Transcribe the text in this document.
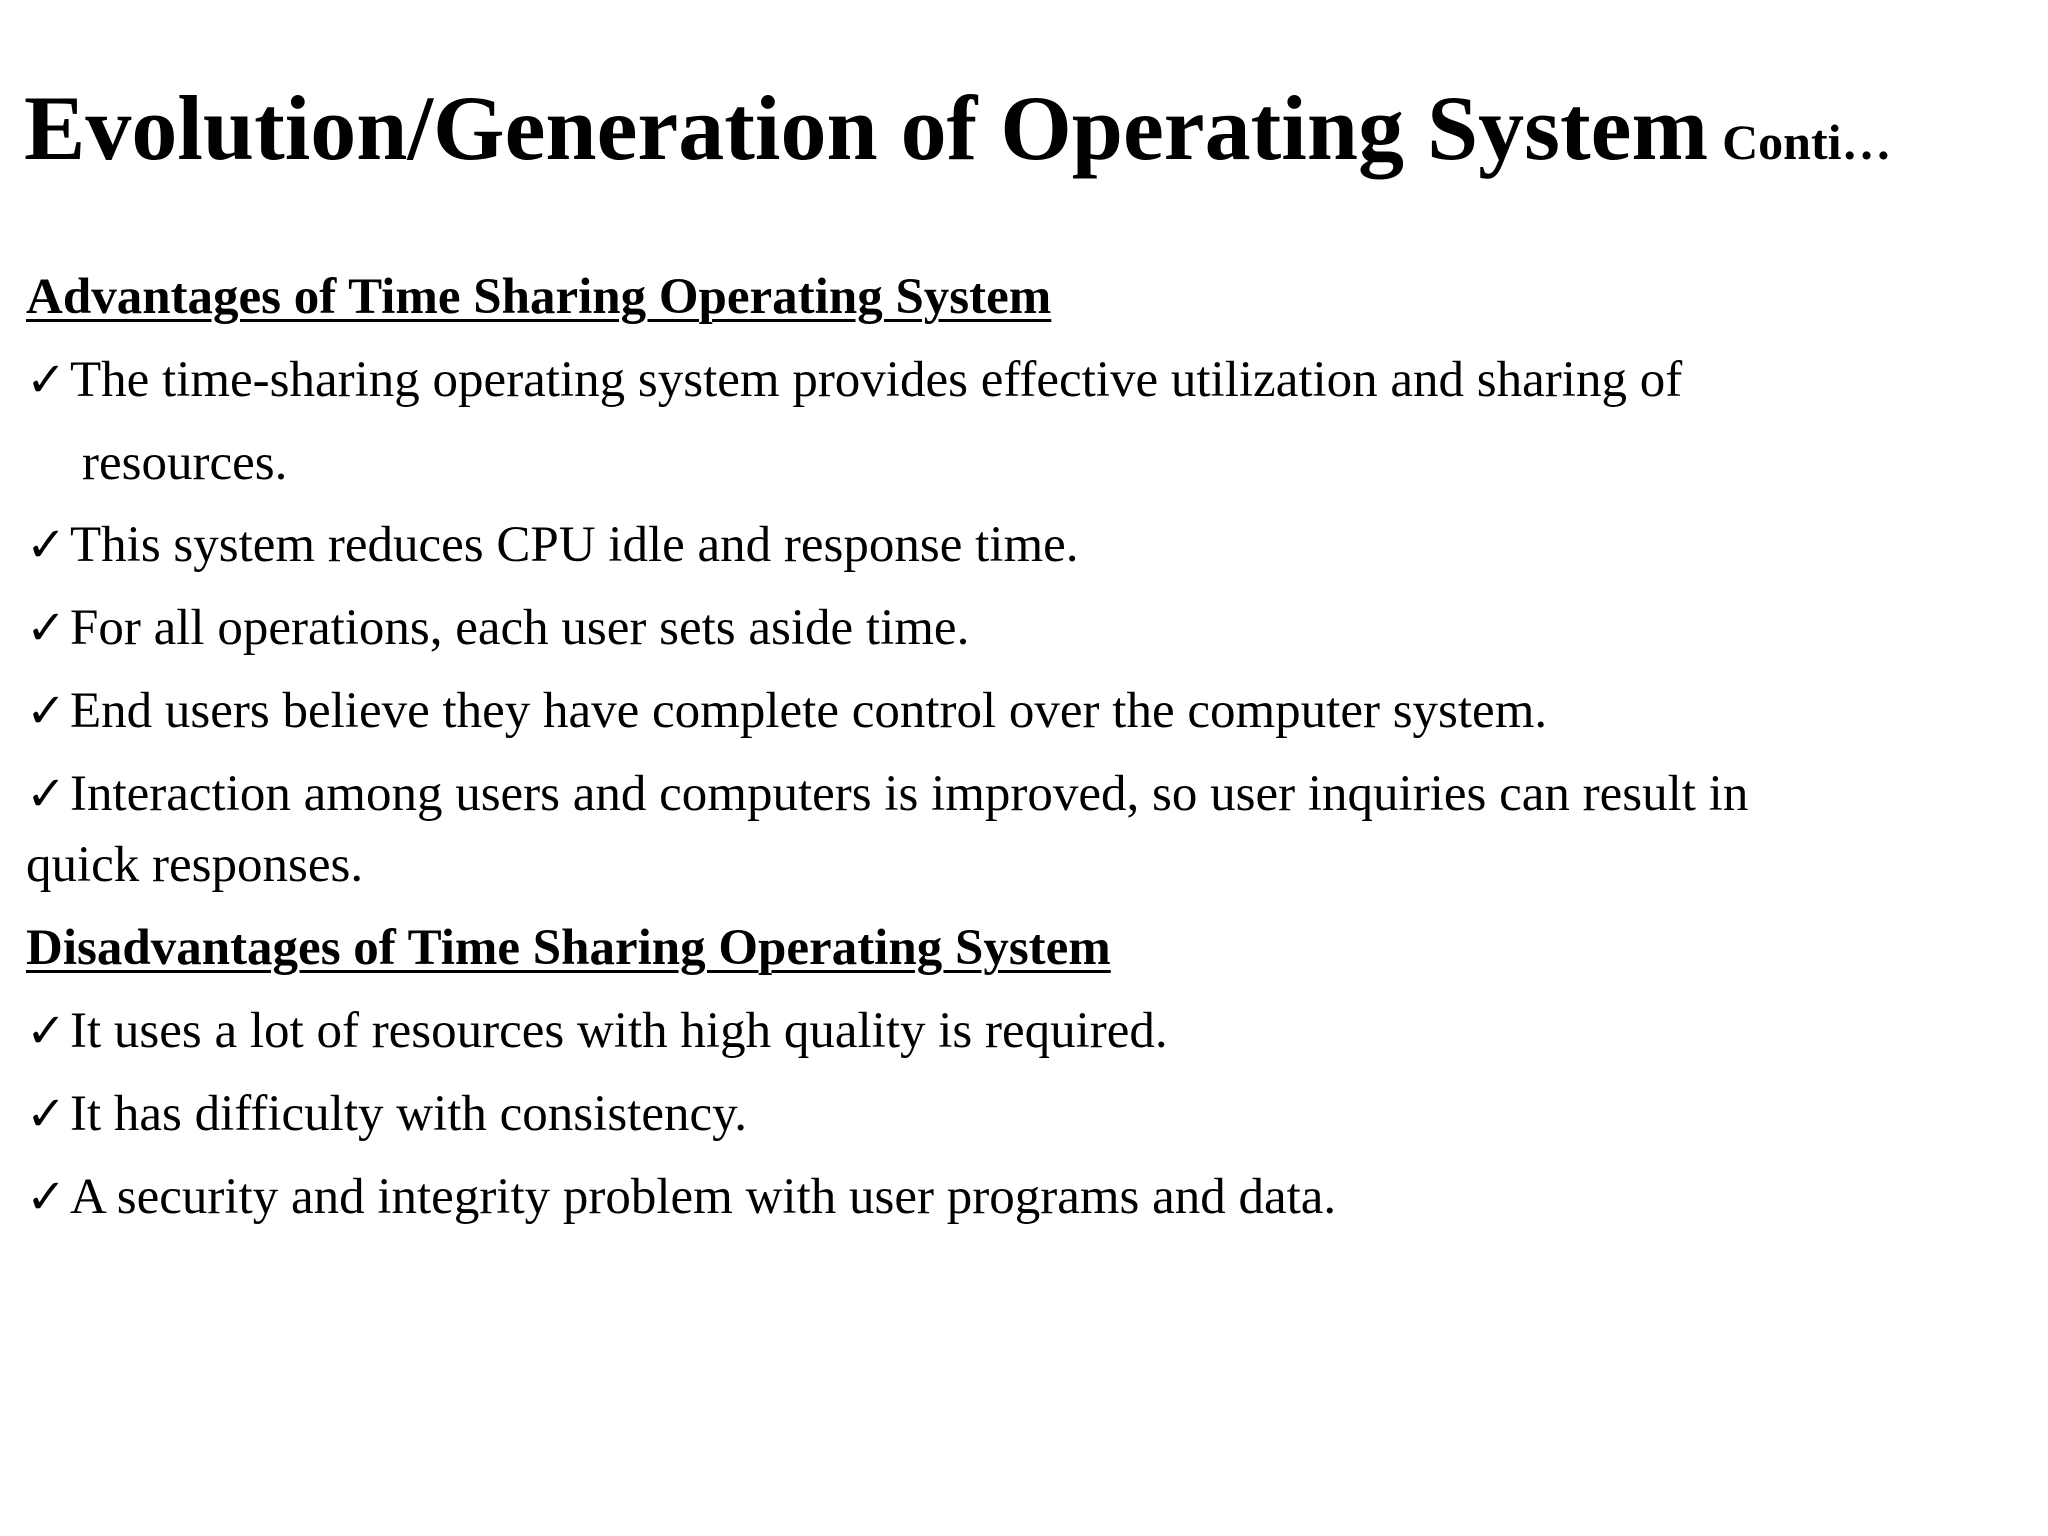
Evolution/Generation of Operating System Conti…
Advantages of Time Sharing Operating System
✓The time-sharing operating system provides effective utilization and sharing of
resources.
✓This system reduces CPU idle and response time.
✓For all operations, each user sets aside time.
✓End users believe they have complete control over the computer system.
✓Interaction among users and computers is improved, so user inquiries can result in
quick responses.
Disadvantages of Time Sharing Operating System
✓It uses a lot of resources with high quality is required.
✓It has difficulty with consistency.
✓A security and integrity problem with user programs and data.
